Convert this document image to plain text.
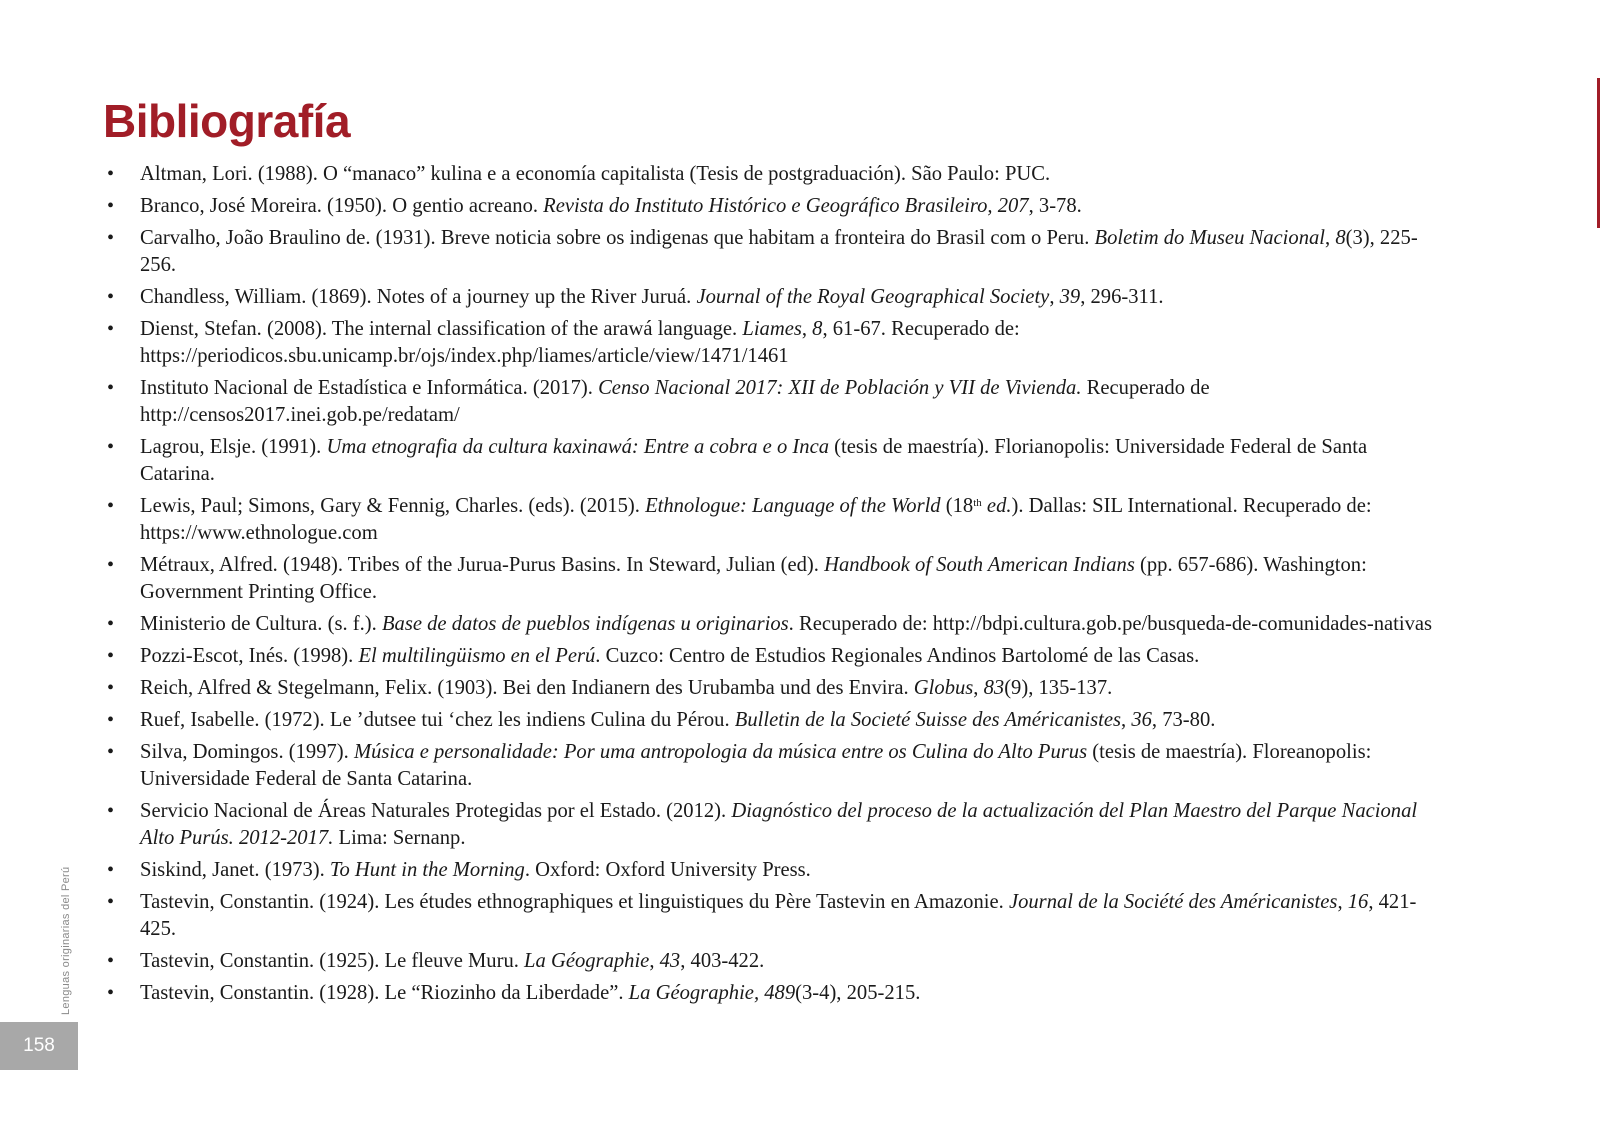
Bibliografía
• Altman, Lori. (1988). O “manaco” kulina e a economía capitalista (Tesis de postgraduación). São Paulo: PUC.
• Branco, José Moreira. (1950). O gentio acreano. Revista do Instituto Histórico e Geográfico Brasileiro, 207, 3-78.
• Carvalho, João Braulino de. (1931). Breve noticia sobre os indigenas que habitam a fronteira do Brasil com o Peru. Boletim do Museu Nacional, 8(3), 225-256.
• Chandless, William. (1869). Notes of a journey up the River Juruá. Journal of the Royal Geographical Society, 39, 296-311.
• Dienst, Stefan. (2008). The internal classification of the arawá language. Liames, 8, 61-67. Recuperado de: https://periodicos.sbu.unicamp.br/ojs/index.php/liames/article/view/1471/1461
• Instituto Nacional de Estadística e Informática. (2017). Censo Nacional 2017: XII de Población y VII de Vivienda. Recuperado de http://censos2017.inei.gob.pe/redatam/
• Lagrou, Elsje. (1991). Uma etnografia da cultura kaxinawá: Entre a cobra e o Inca (tesis de maestría). Florianopolis: Universidade Federal de Santa Catarina.
• Lewis, Paul; Simons, Gary & Fennig, Charles. (eds). (2015). Ethnologue: Language of the World (18th ed.). Dallas: SIL International. Recuperado de: https://www.ethnologue.com
• Métraux, Alfred. (1948). Tribes of the Jurua-Purus Basins. In Steward, Julian (ed). Handbook of South American Indians (pp. 657-686). Washington: Government Printing Office.
• Ministerio de Cultura. (s. f.). Base de datos de pueblos indígenas u originarios. Recuperado de: http://bdpi.cultura.gob.pe/busqueda-de-comunidades-nativas
• Pozzi-Escot, Inés. (1998). El multilingüismo en el Perú. Cuzco: Centro de Estudios Regionales Andinos Bartolomé de las Casas.
• Reich, Alfred & Stegelmann, Felix. (1903). Bei den Indianern des Urubamba und des Envira. Globus, 83(9), 135-137.
• Ruef, Isabelle. (1972). Le ’dutsee tui ‘chez les indiens Culina du Pérou. Bulletin de la Societé Suisse des Américanistes, 36, 73-80.
• Silva, Domingos. (1997). Música e personalidade: Por uma antropologia da música entre os Culina do Alto Purus (tesis de maestría). Floreanopolis: Universidade Federal de Santa Catarina.
• Servicio Nacional de Áreas Naturales Protegidas por el Estado. (2012). Diagnóstico del proceso de la actualización del Plan Maestro del Parque Nacional Alto Purús. 2012-2017. Lima: Sernanp.
• Siskind, Janet. (1973). To Hunt in the Morning. Oxford: Oxford University Press.
• Tastevin, Constantin. (1924). Les études ethnographiques et linguistiques du Père Tastevin en Amazonie. Journal de la Société des Américanistes, 16, 421-425.
• Tastevin, Constantin. (1925). Le fleuve Muru. La Géographie, 43, 403-422.
• Tastevin, Constantin. (1928). Le “Riozinho da Liberdade”. La Géographie, 489(3-4), 205-215.
Lenguas originarias del Perú
158
